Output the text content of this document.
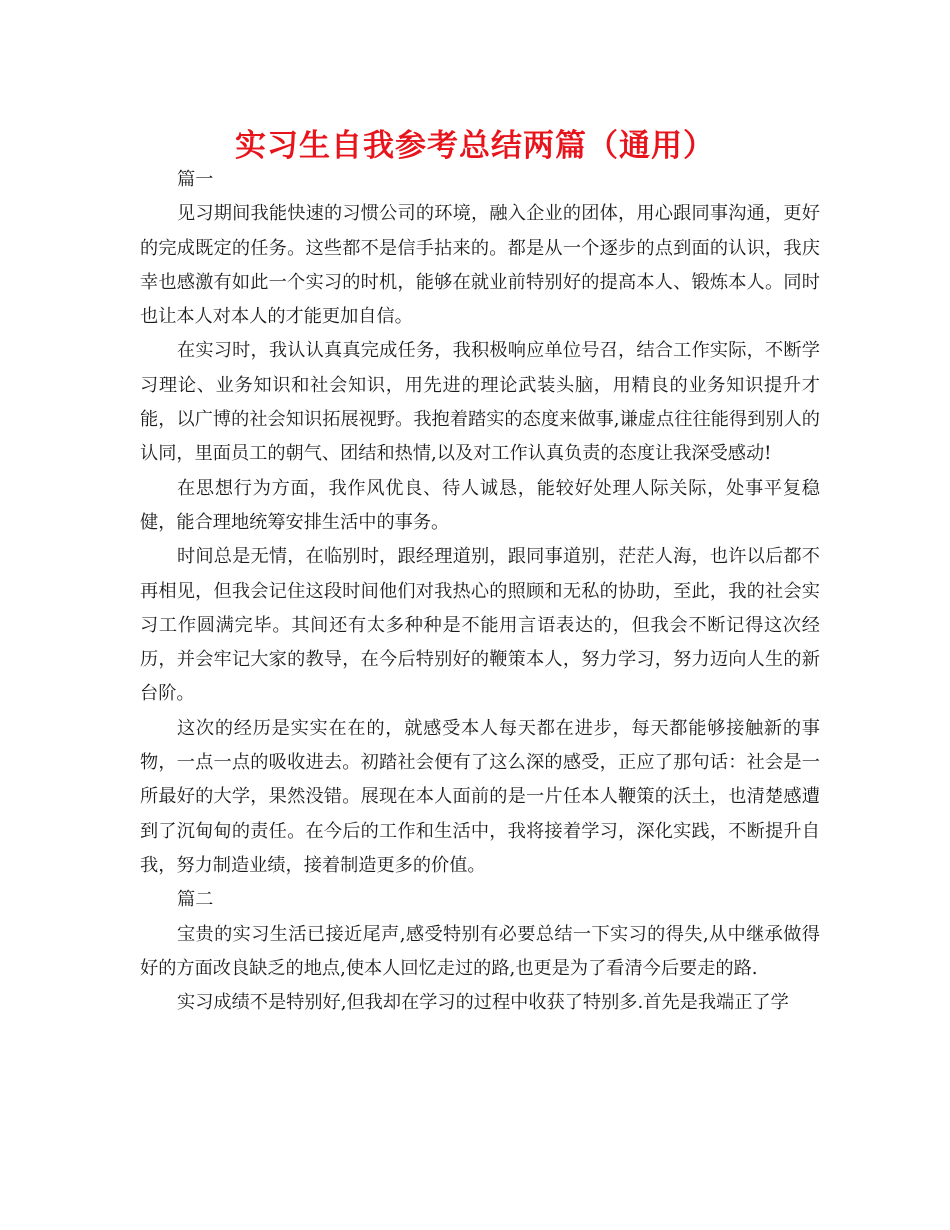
实习生自我参考总结两篇（通用）

篇一

见习期间我能快速的习惯公司的环境，融入企业的团体，用心跟同事沟通，更好的完成既定的任务。这些都不是信手拈来的。都是从一个逐步的点到面的认识，我庆幸也感激有如此一个实习的时机，能够在就业前特别好的提高本人、锻炼本人。同时也让本人对本人的才能更加自信。

在实习时，我认认真真完成任务，我积极响应单位号召，结合工作实际，不断学习理论、业务知识和社会知识，用先进的理论武装头脑，用精良的业务知识提升才能，以广博的社会知识拓展视野。我抱着踏实的态度来做事,谦虚点往往能得到别人的认同，里面员工的朝气、团结和热情,以及对工作认真负责的态度让我深受感动!

在思想行为方面，我作风优良、待人诚恳，能较好处理人际关际，处事平复稳健，能合理地统筹安排生活中的事务。

时间总是无情，在临别时，跟经理道别，跟同事道别，茫茫人海，也许以后都不再相见，但我会记住这段时间他们对我热心的照顾和无私的协助，至此，我的社会实习工作圆满完毕。其间还有太多种种是不能用言语表达的，但我会不断记得这次经历，并会牢记大家的教导，在今后特别好的鞭策本人，努力学习，努力迈向人生的新台阶。

这次的经历是实实在在的，就感受本人每天都在进步，每天都能够接触新的事物，一点一点的吸收进去。初踏社会便有了这么深的感受，正应了那句话：社会是一所最好的大学，果然没错。展现在本人面前的是一片任本人鞭策的沃土，也清楚感遭到了沉甸甸的责任。在今后的工作和生活中，我将接着学习，深化实践，不断提升自我，努力制造业绩，接着制造更多的价值。

篇二

宝贵的实习生活已接近尾声,感受特别有必要总结一下实习的得失,从中继承做得好的方面改良缺乏的地点,使本人回忆走过的路,也更是为了看清今后要走的路.

实习成绩不是特别好,但我却在学习的过程中收获了特别多.首先是我端正了学
